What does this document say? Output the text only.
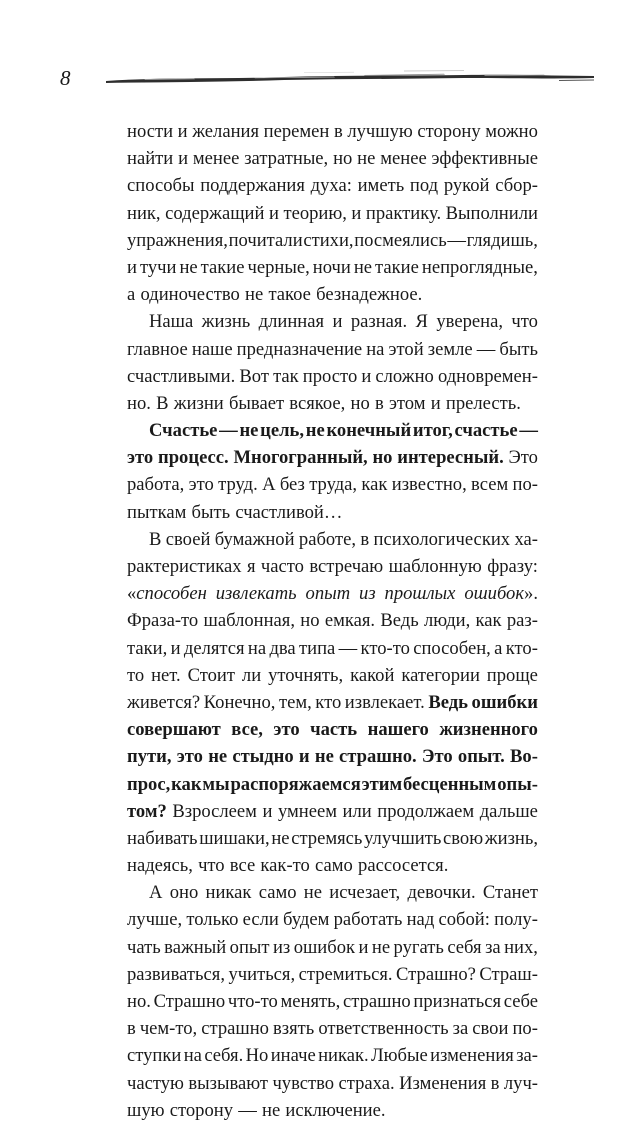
8
ности и желания перемен в лучшую сторону можно
найти и менее затратные, но не менее эффективные
способы поддержания духа: иметь под рукой сбор-
ник, содержащий и теорию, и практику. Выполнили
упражнения, почитали стихи, посмеялись — глядишь,
и тучи не такие черные, ночи не такие непроглядные,
а одиночество не такое безнадежное.
Наша жизнь длинная и разная. Я уверена, что
главное наше предназначение на этой земле — быть
счастливыми. Вот так просто и сложно одновремен-
но. В жизни бывает всякое, но в этом и прелесть.
Счастье — не цель, не конечный итог, счастье —
это процесс. Многогранный, но интересный. Это
работа, это труд. А без труда, как известно, всем по-
пыткам быть счастливой…
В своей бумажной работе, в психологических ха-
рактеристиках я часто встречаю шаблонную фразу:
«способен извлекать опыт из прошлых ошибок».
Фраза-то шаблонная, но емкая. Ведь люди, как раз-
таки, и делятся на два типа — кто-то способен, а кто-
то нет. Стоит ли уточнять, какой категории проще
живется? Конечно, тем, кто извлекает. Ведь ошибки
совершают все, это часть нашего жизненного
пути, это не стыдно и не страшно. Это опыт. Во-
прос, как мы распоряжаемся этим бесценным опы-
том? Взрослеем и умнеем или продолжаем дальше
набивать шишаки, не стремясь улучшить свою жизнь,
надеясь, что все как-то само рассосется.
А оно никак само не исчезает, девочки. Станет
лучше, только если будем работать над собой: полу-
чать важный опыт из ошибок и не ругать себя за них,
развиваться, учиться, стремиться. Страшно? Страш-
но. Страшно что-то менять, страшно признаться себе
в чем-то, страшно взять ответственность за свои по-
ступки на себя. Но иначе никак. Любые изменения за-
частую вызывают чувство страха. Изменения в луч-
шую сторону — не исключение.
